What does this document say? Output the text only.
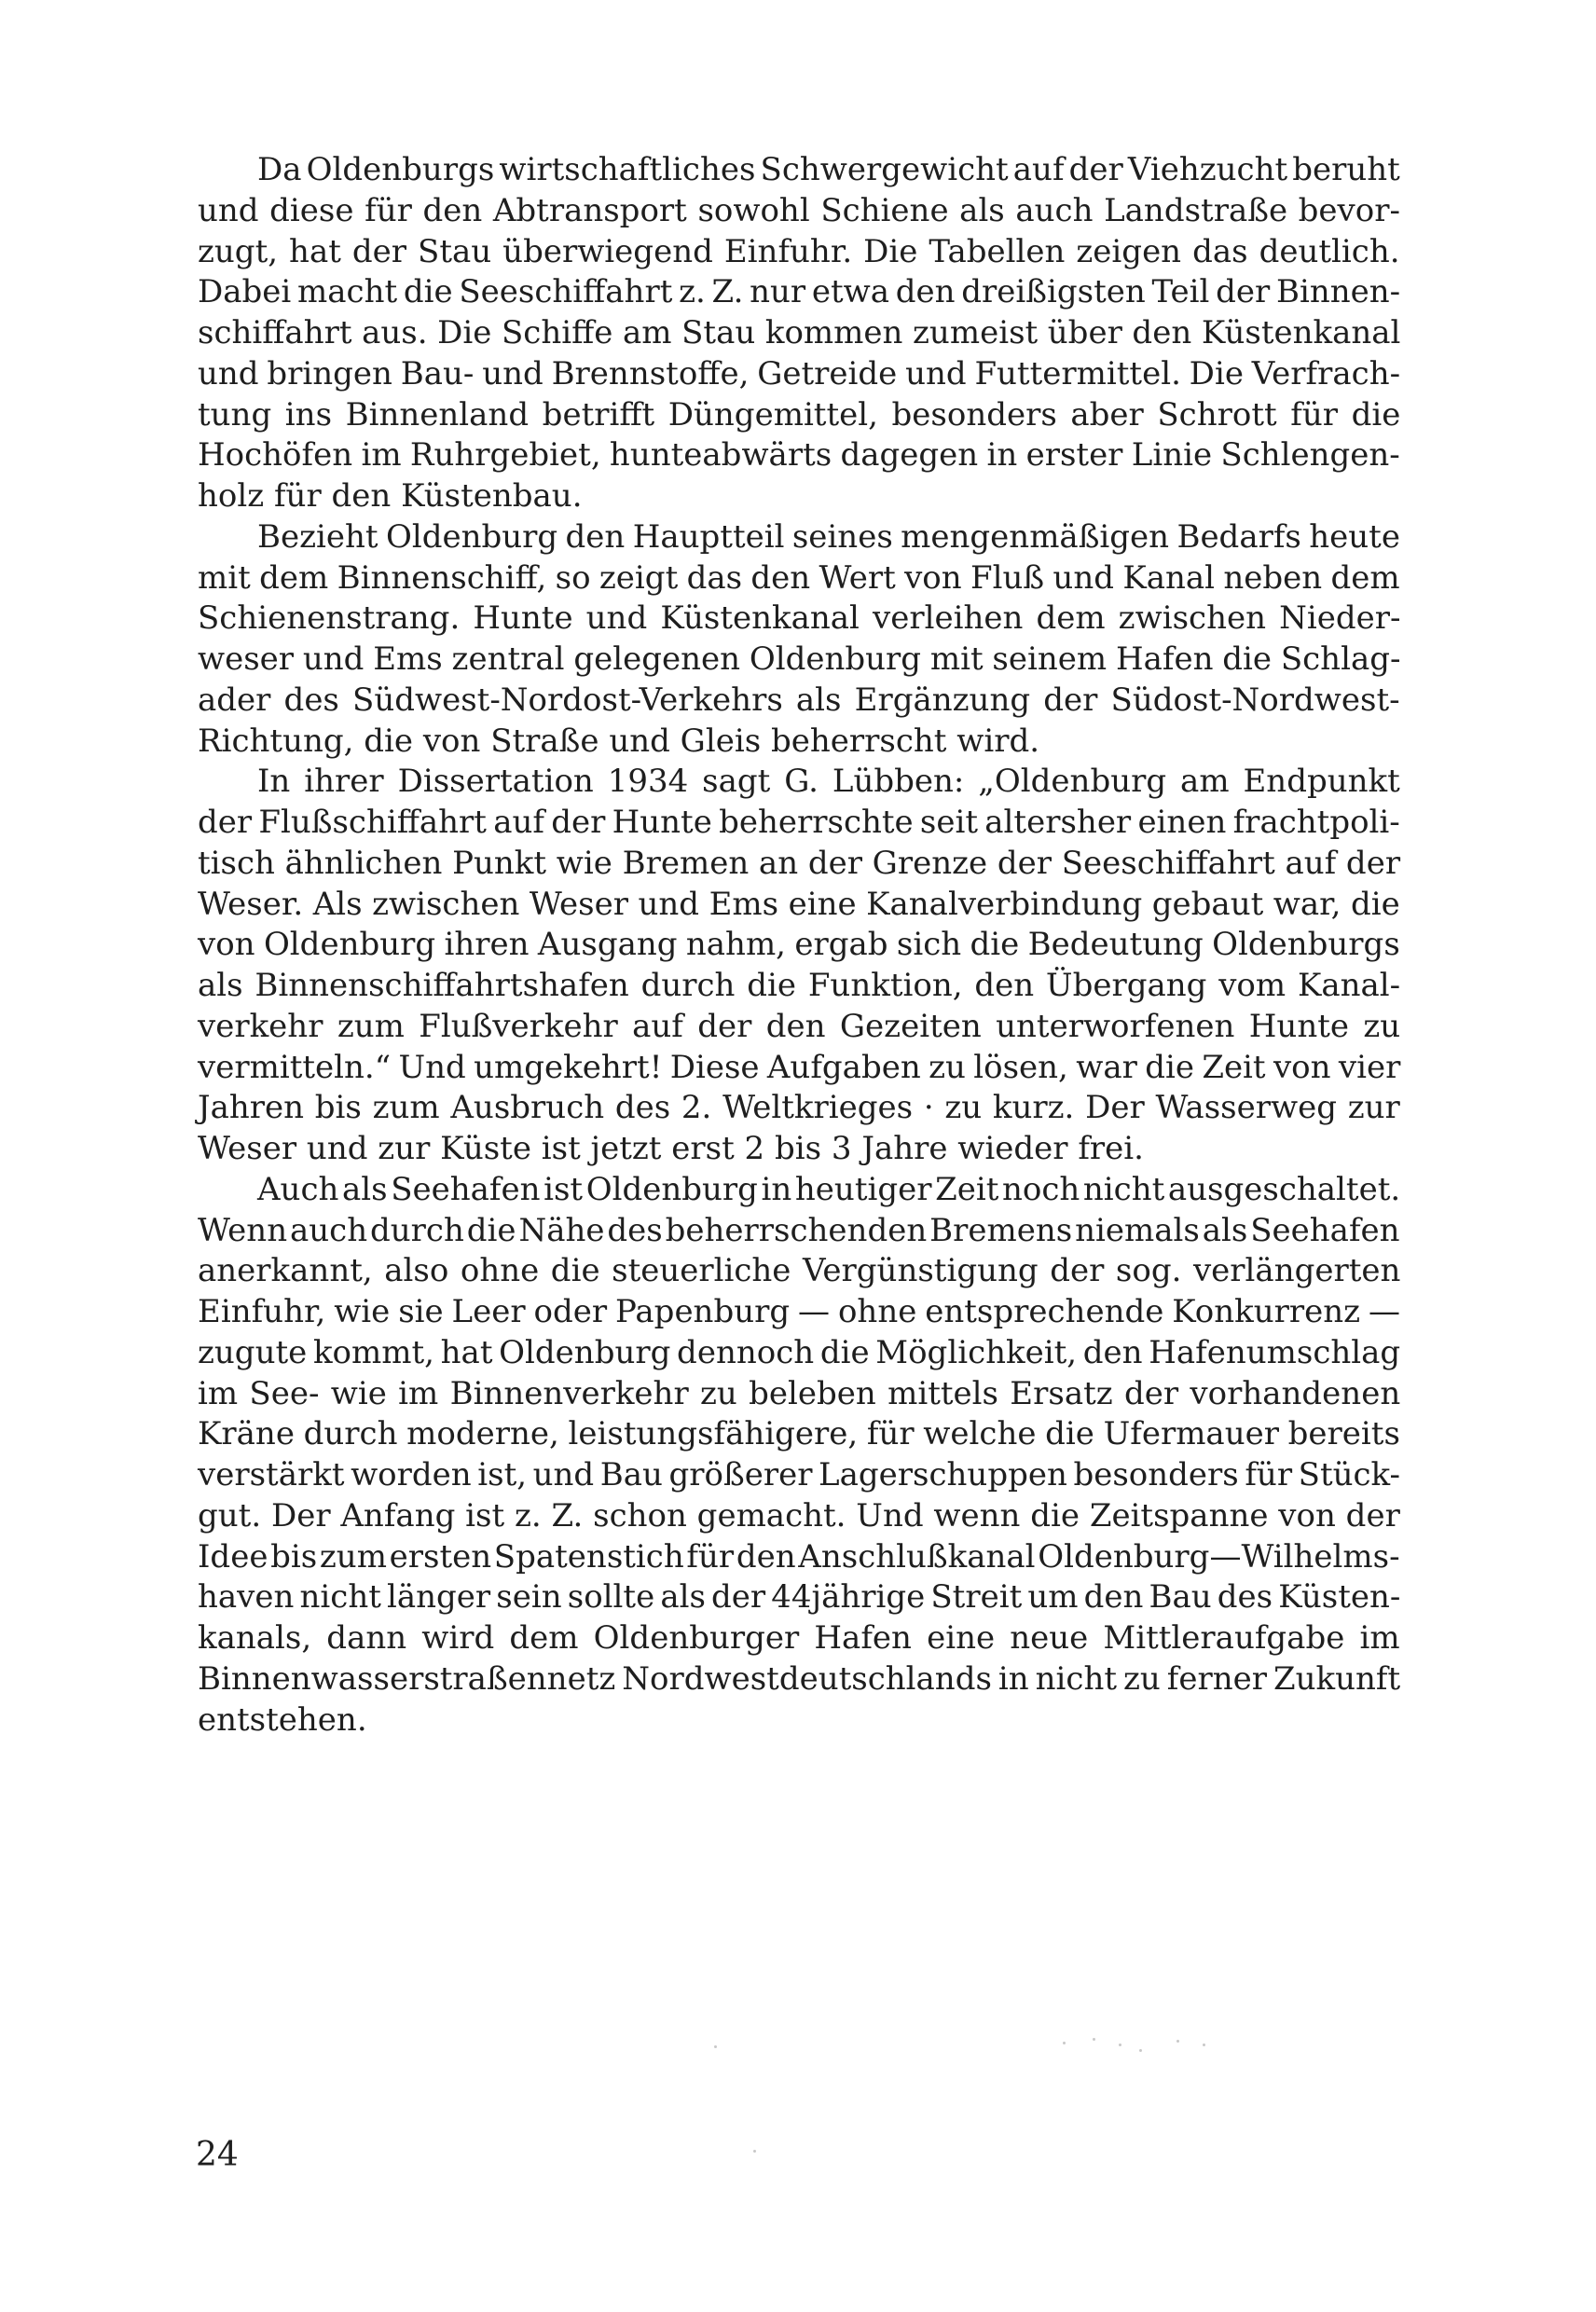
Da Oldenburgs wirtschaftliches Schwergewicht auf der Viehzucht beruht
und diese für den Abtransport sowohl Schiene als auch Landstraße bevor-
zugt, hat der Stau überwiegend Einfuhr. Die Tabellen zeigen das deutlich.
Dabei macht die Seeschiffahrt z. Z. nur etwa den dreißigsten Teil der Binnen-
schiffahrt aus. Die Schiffe am Stau kommen zumeist über den Küstenkanal
und bringen Bau- und Brennstoffe, Getreide und Futtermittel. Die Verfrach-
tung ins Binnenland betrifft Düngemittel, besonders aber Schrott für die
Hochöfen im Ruhrgebiet, hunteabwärts dagegen in erster Linie Schlengen-
holz für den Küstenbau.
Bezieht Oldenburg den Hauptteil seines mengenmäßigen Bedarfs heute
mit dem Binnenschiff, so zeigt das den Wert von Fluß und Kanal neben dem
Schienenstrang. Hunte und Küstenkanal verleihen dem zwischen Nieder-
weser und Ems zentral gelegenen Oldenburg mit seinem Hafen die Schlag-
ader des Südwest-Nordost-Verkehrs als Ergänzung der Südost-Nordwest-
Richtung, die von Straße und Gleis beherrscht wird.
In ihrer Dissertation 1934 sagt G. Lübben: „Oldenburg am Endpunkt
der Flußschiffahrt auf der Hunte beherrschte seit altersher einen frachtpoli-
tisch ähnlichen Punkt wie Bremen an der Grenze der Seeschiffahrt auf der
Weser. Als zwischen Weser und Ems eine Kanalverbindung gebaut war, die
von Oldenburg ihren Ausgang nahm, ergab sich die Bedeutung Oldenburgs
als Binnenschiffahrtshafen durch die Funktion, den Übergang vom Kanal-
verkehr zum Flußverkehr auf der den Gezeiten unterworfenen Hunte zu
vermitteln.“ Und umgekehrt! Diese Aufgaben zu lösen, war die Zeit von vier
Jahren bis zum Ausbruch des 2. Weltkrieges · zu kurz. Der Wasserweg zur
Weser und zur Küste ist jetzt erst 2 bis 3 Jahre wieder frei.
Auch als Seehafen ist Oldenburg in heutiger Zeit noch nicht ausgeschaltet.
Wenn auch durch die Nähe des beherrschenden Bremens niemals als Seehafen
anerkannt, also ohne die steuerliche Vergünstigung der sog. verlängerten
Einfuhr, wie sie Leer oder Papenburg — ohne entsprechende Konkurrenz —
zugute kommt, hat Oldenburg dennoch die Möglichkeit, den Hafenumschlag
im See- wie im Binnenverkehr zu beleben mittels Ersatz der vorhandenen
Kräne durch moderne, leistungsfähigere, für welche die Ufermauer bereits
verstärkt worden ist, und Bau größerer Lagerschuppen besonders für Stück-
gut. Der Anfang ist z. Z. schon gemacht. Und wenn die Zeitspanne von der
Idee bis zum ersten Spatenstich für den Anschlußkanal Oldenburg—Wilhelms-
haven nicht länger sein sollte als der 44jährige Streit um den Bau des Küsten-
kanals, dann wird dem Oldenburger Hafen eine neue Mittleraufgabe im
Binnenwasserstraßennetz Nordwestdeutschlands in nicht zu ferner Zukunft
entstehen.
24
